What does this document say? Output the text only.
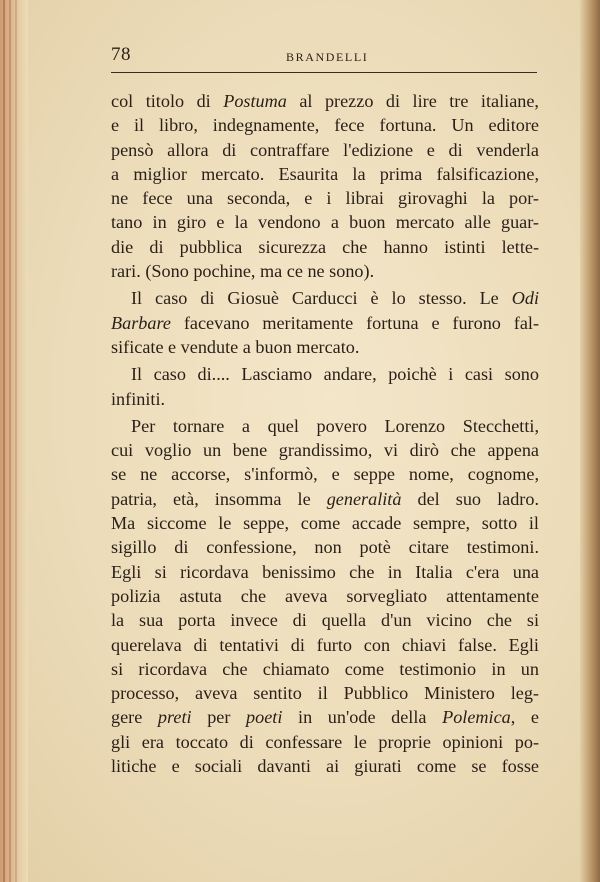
78	BRANDELLI
col titolo di Postuma al prezzo di lire tre italiane,
e il libro, indegnamente, fece fortuna. Un editore
pensò allora di contraffare l'edizione e di venderla
a miglior mercato. Esaurita la prima falsificazione,
ne fece una seconda, e i librai girovaghi la por-
tano in giro e la vendono a buon mercato alle guar-
die di pubblica sicurezza che hanno istinti lette-
rari. (Sono pochine, ma ce ne sono).
Il caso di Giosuè Carducci è lo stesso. Le Odi
Barbare facevano meritamente fortuna e furono fal-
sificate e vendute a buon mercato.
Il caso di.... Lasciamo andare, poichè i casi sono
infiniti.
Per tornare a quel povero Lorenzo Stecchetti,
cui voglio un bene grandissimo, vi dirò che appena
se ne accorse, s'informò, e seppe nome, cognome,
patria, età, insomma le generalità del suo ladro.
Ma siccome le seppe, come accade sempre, sotto il
sigillo di confessione, non potè citare testimoni.
Egli si ricordava benissimo che in Italia c'era una
polizia astuta che aveva sorvegliato attentamente
la sua porta invece di quella d'un vicino che si
querelava di tentativi di furto con chiavi false. Egli
si ricordava che chiamato come testimonio in un
processo, aveva sentito il Pubblico Ministero leg-
gere preti per poeti in un'ode della Polemica, e
gli era toccato di confessare le proprie opinioni po-
litiche e sociali davanti ai giurati come se fosse
